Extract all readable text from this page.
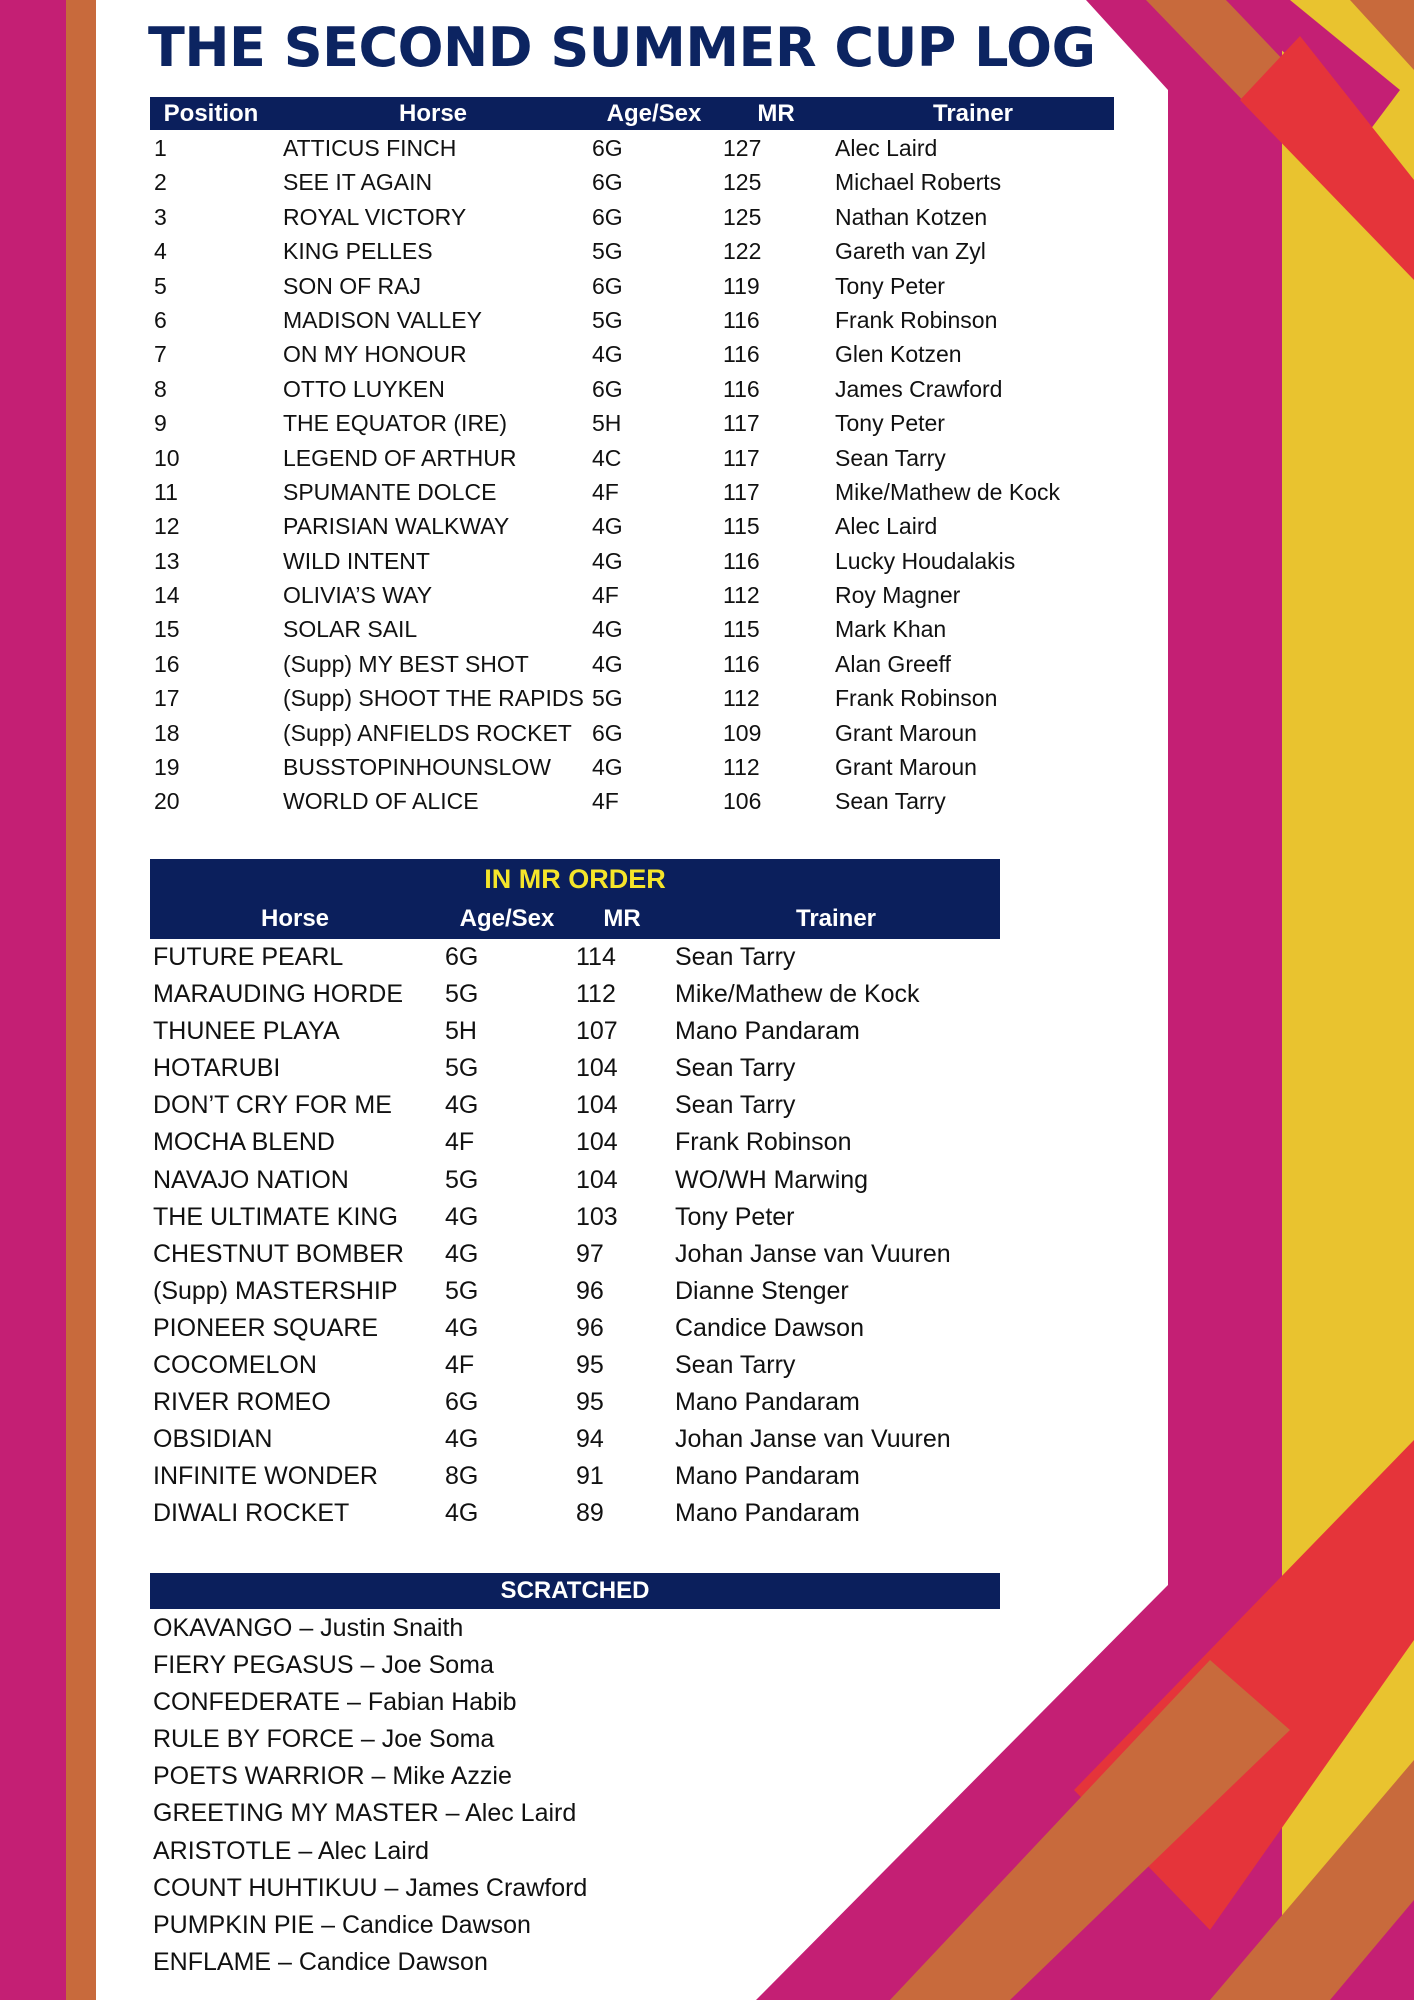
THE SECOND SUMMER CUP LOG
Position	Horse	Age/Sex MR	Trainer
1	ATTICUS FINCH	6G	127	Alec Laird
2	SEE IT AGAIN	6G	125	Michael Roberts
3	ROYAL VICTORY	6G	125	Nathan Kotzen
4	KING PELLES	5G	122	Gareth van Zyl
5	SON OF RAJ	6G	119	Tony Peter
6	MADISON VALLEY	5G	116	Frank Robinson
7	ON MY HONOUR	4G	116	Glen Kotzen
8	OTTO LUYKEN	6G	116	James Crawford
9	THE EQUATOR (IRE)	5H	117	Tony Peter
10	LEGEND OF ARTHUR	4C	117	Sean Tarry
11	SPUMANTE DOLCE	4F	117	Mike/Mathew de Kock
12	PARISIAN WALKWAY	4G	115	Alec Laird
13	WILD INTENT	4G	116	Lucky Houdalakis
14	OLIVIA’S WAY	4F	112	Roy Magner
15	SOLAR SAIL	4G	115	Mark Khan
16	(Supp) MY BEST SHOT	4G	116	Alan Greeff
17	(Supp) SHOOT THE RAPIDS 5G	112	Frank Robinson
18	(Supp) ANFIELDS ROCKET 6G	109	Grant Maroun
19	BUSSTOPINHOUNSLOW 4G	112	Grant Maroun
20	WORLD OF ALICE	4F	106	Sean Tarry
IN MR ORDER
Horse	Age/Sex MR	Trainer
FUTURE PEARL	6G	114 Sean Tarry
MARAUDING HORDE 5G	112 Mike/Mathew de Kock
THUNEE PLAYA	5H	107 Mano Pandaram
HOTARUBI	5G	104 Sean Tarry
DON’T CRY FOR ME 4G	104 Sean Tarry
MOCHA BLEND	4F	104 Frank Robinson
NAVAJO NATION	5G	104 WO/WH Marwing
THE ULTIMATE KING 4G	103 Tony Peter
CHESTNUT BOMBER 4G	97	Johan Janse van Vuuren
(Supp) MASTERSHIP 5G	96	Dianne Stenger
PIONEER SQUARE	4G	96	Candice Dawson
COCOMELON	4F	95	Sean Tarry
RIVER ROMEO	6G	95	Mano Pandaram
OBSIDIAN	4G	94	Johan Janse van Vuuren
INFINITE WONDER	8G	91	Mano Pandaram
DIWALI ROCKET	4G	89	Mano Pandaram
SCRATCHED
OKAVANGO – Justin Snaith
FIERY PEGASUS – Joe Soma
CONFEDERATE – Fabian Habib
RULE BY FORCE – Joe Soma
POETS WARRIOR – Mike Azzie
GREETING MY MASTER – Alec Laird
ARISTOTLE – Alec Laird
COUNT HUHTIKUU – James Crawford
PUMPKIN PIE – Candice Dawson
ENFLAME – Candice Dawson
